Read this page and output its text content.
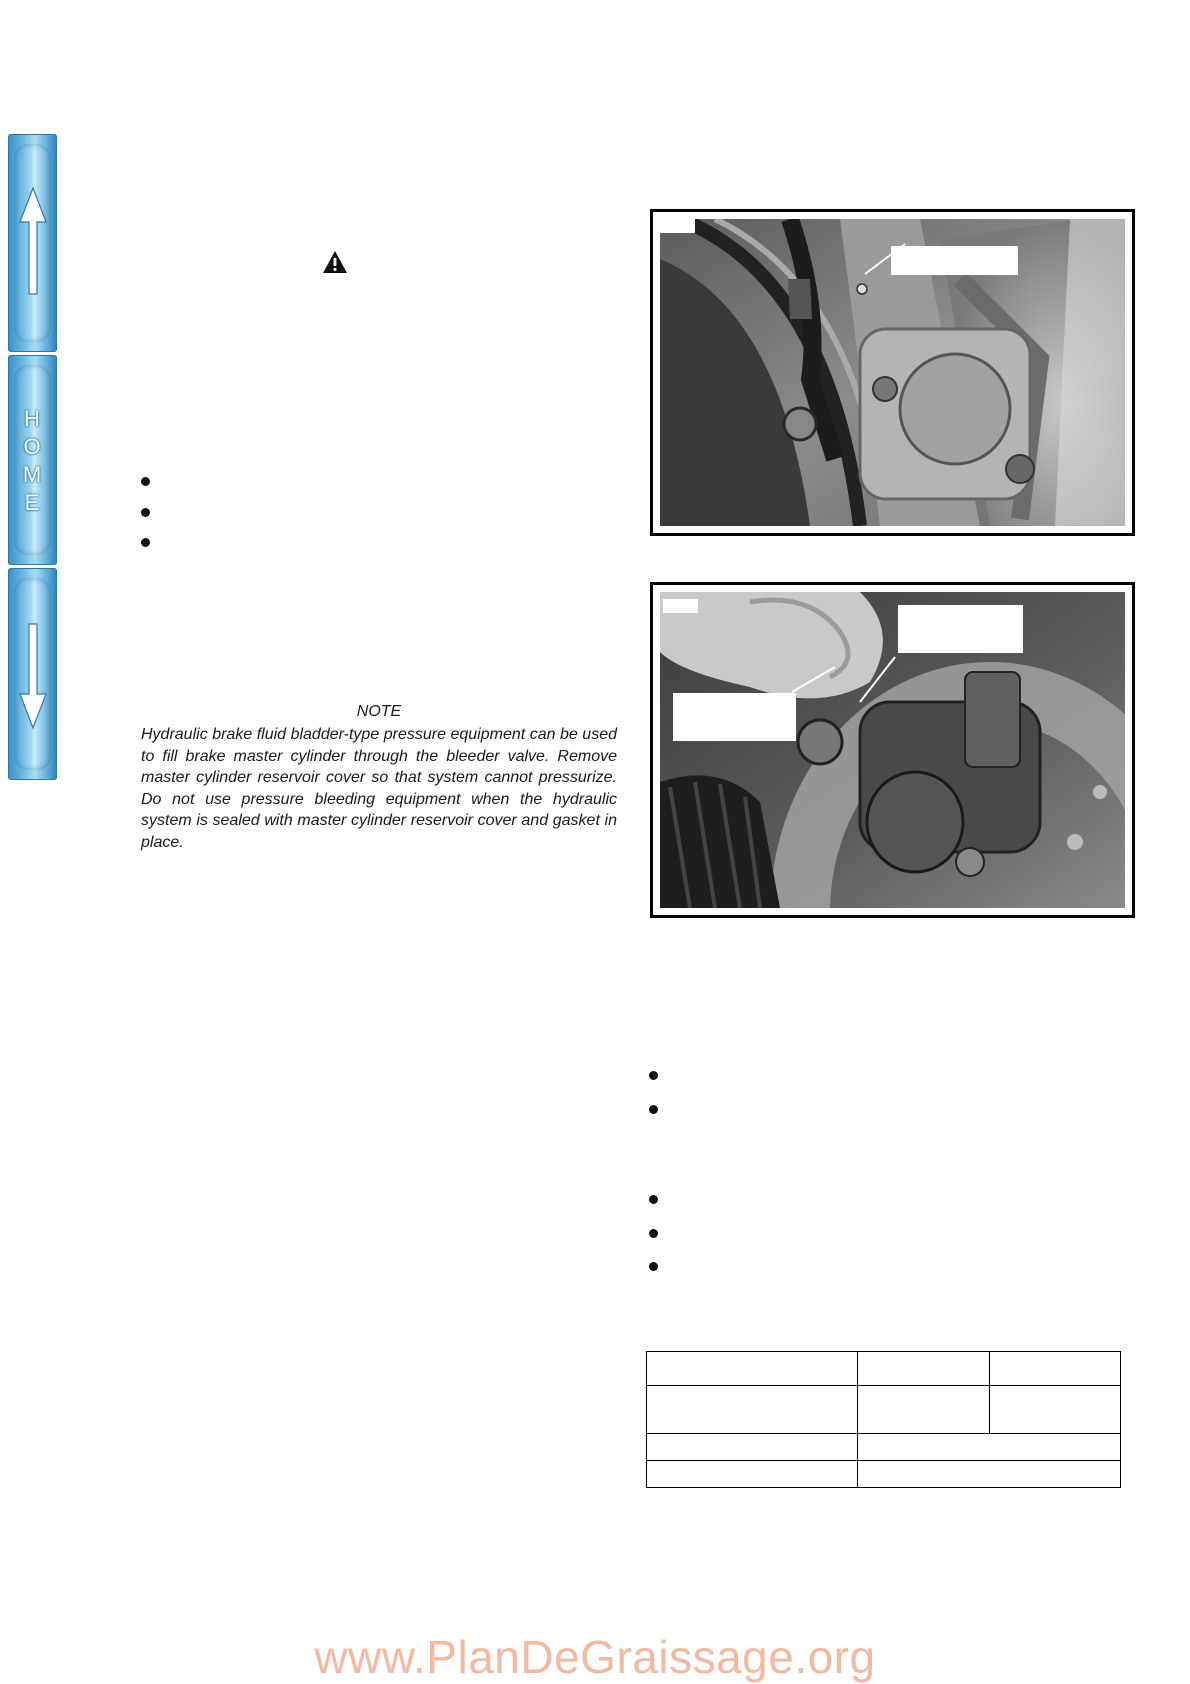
H
O
M
E
NOTE

Hydraulic brake fluid bladder-type pressure equipment can be used to fill brake master cylinder through the bleeder valve. Remove master cylinder reservoir cover so that system cannot pressurize. Do not use pressure bleeding equipment when the hydraulic system is sealed with master cylinder reservoir cover and gasket in place.

www.PlanDeGraissage.org
